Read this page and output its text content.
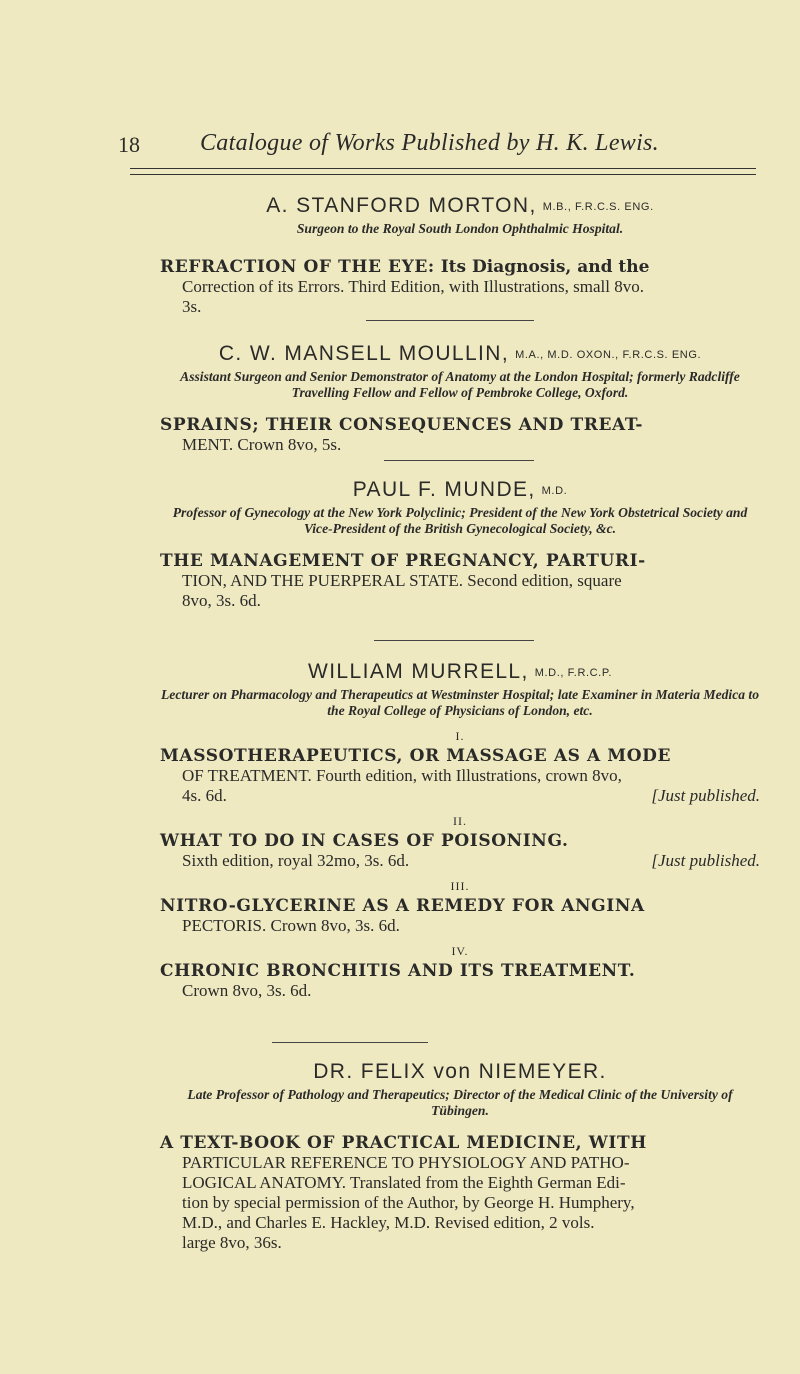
18	Catalogue of Works Published by H. K. Lewis.
A. STANFORD MORTON, M.B., F.R.C.S. ENG.
Surgeon to the Royal South London Ophthalmic Hospital.
REFRACTION OF THE EYE: Its Diagnosis, and the
Correction of its Errors. Third Edition, with Illustrations, small 8vo.
3s.
C. W. MANSELL MOULLIN, M.A., M.D. OXON., F.R.C.S. ENG.
Assistant Surgeon and Senior Demonstrator of Anatomy at the London Hospital; formerly Radcliffe Travelling Fellow and Fellow of Pembroke College, Oxford.
SPRAINS; THEIR CONSEQUENCES AND TREAT-
MENT. Crown 8vo, 5s.
PAUL F. MUNDE, M.D.
Professor of Gynecology at the New York Polyclinic; President of the New York Obstetrical Society and Vice-President of the British Gynecological Society, &c.
THE MANAGEMENT OF PREGNANCY, PARTURI-
TION, AND THE PUERPERAL STATE. Second edition, square
8vo, 3s. 6d.
WILLIAM MURRELL, M.D., F.R.C.P.
Lecturer on Pharmacology and Therapeutics at Westminster Hospital; late Examiner in Materia Medica to the Royal College of Physicians of London, etc.
I.
MASSOTHERAPEUTICS, OR MASSAGE AS A MODE
OF TREATMENT. Fourth edition, with Illustrations, crown 8vo,
4s. 6d.	[Just published.
II.
WHAT TO DO IN CASES OF POISONING.
Sixth edition, royal 32mo, 3s. 6d.	[Just published.
III.
NITRO-GLYCERINE AS A REMEDY FOR ANGINA
PECTORIS. Crown 8vo, 3s. 6d.
IV.
CHRONIC BRONCHITIS AND ITS TREATMENT.
Crown 8vo, 3s. 6d.
DR. FELIX von NIEMEYER.
Late Professor of Pathology and Therapeutics; Director of the Medical Clinic of the University of Tübingen.
A TEXT-BOOK OF PRACTICAL MEDICINE, WITH
PARTICULAR REFERENCE TO PHYSIOLOGY AND PATHO-
LOGICAL ANATOMY. Translated from the Eighth German Edi-
tion by special permission of the Author, by George H. Humphery,
M.D., and Charles E. Hackley, M.D. Revised edition, 2 vols.
large 8vo, 36s.
